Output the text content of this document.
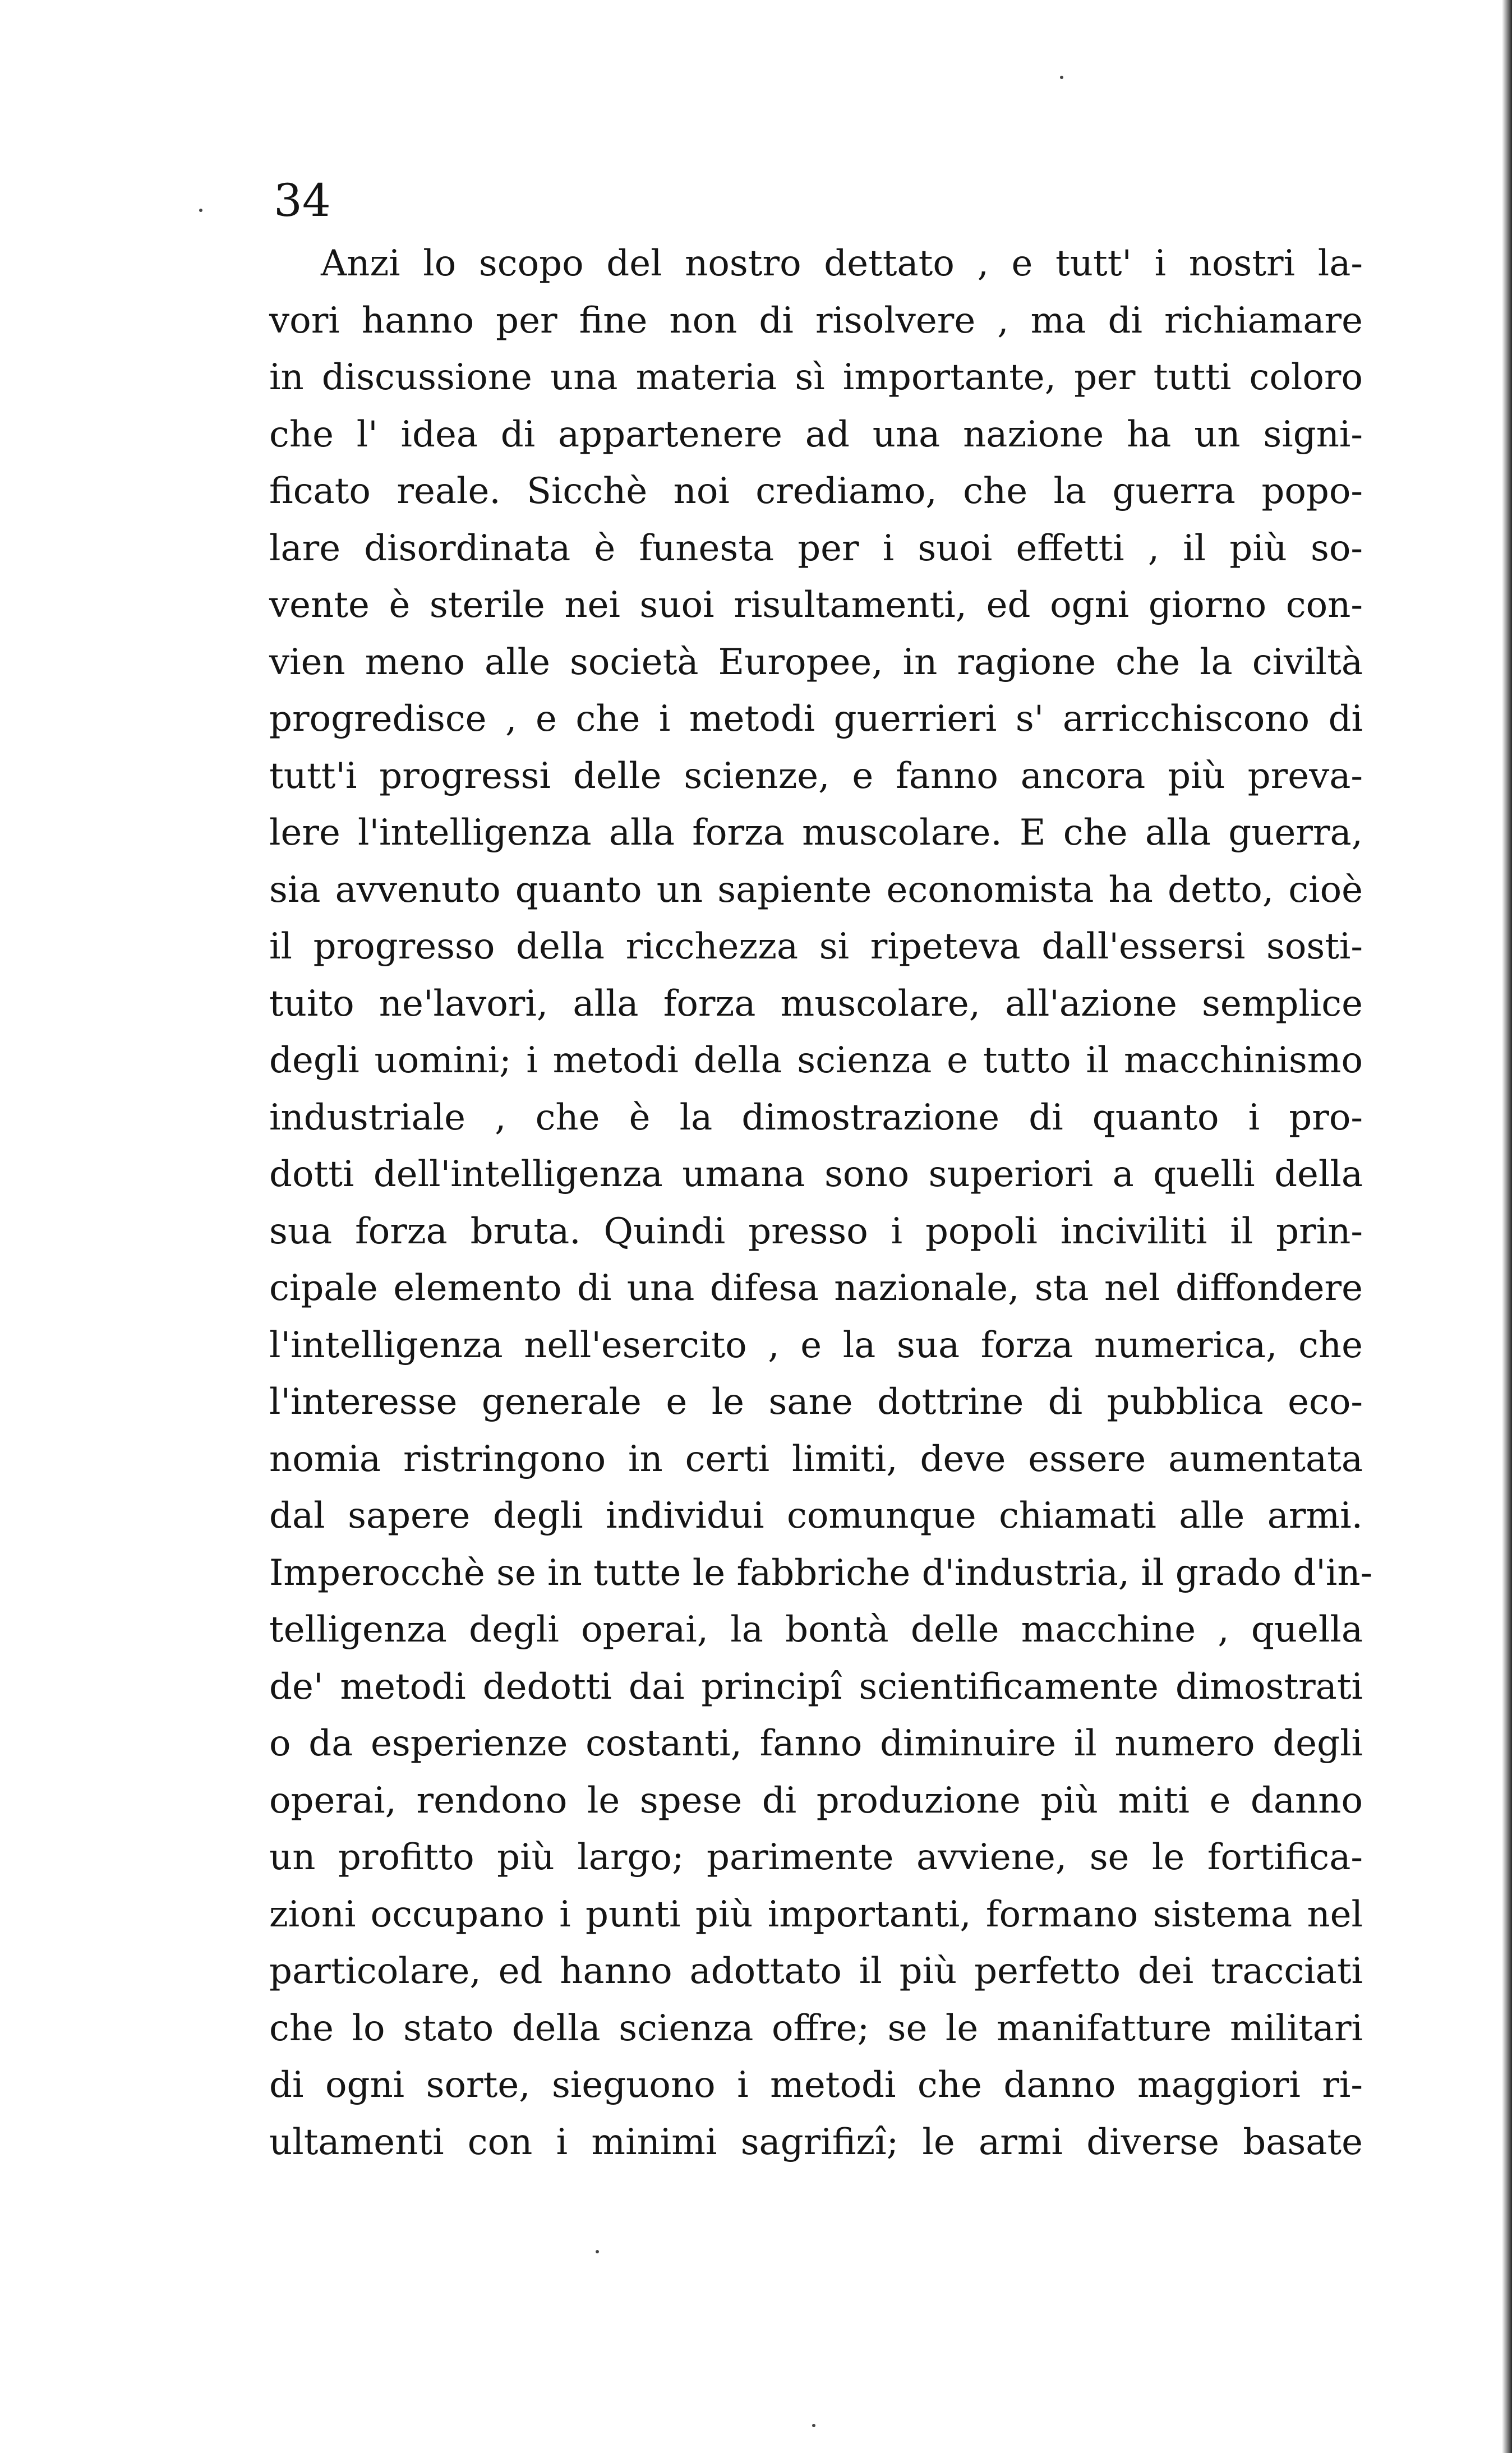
34
Anzi lo scopo del nostro dettato , e tutt' i nostri la-
vori hanno per fine non di risolvere , ma di richiamare
in discussione una materia sì importante, per tutti coloro
che l' idea di appartenere ad una nazione ha un signi-
ficato reale. Sicchè noi crediamo, che la guerra popo-
lare disordinata è funesta per i suoi effetti , il più so-
vente è sterile nei suoi risultamenti, ed ogni giorno con-
vien meno alle società Europee, in ragione che la civiltà
progredisce , e che i metodi guerrieri s' arricchiscono di
tutt'i progressi delle scienze, e fanno ancora più preva-
lere l'intelligenza alla forza muscolare. E che alla guerra,
sia avvenuto quanto un sapiente economista ha detto, cioè
il progresso della ricchezza si ripeteva dall'essersi sosti-
tuito ne'lavori, alla forza muscolare, all'azione semplice
degli uomini; i metodi della scienza e tutto il macchinismo
industriale , che è la dimostrazione di quanto i pro-
dotti dell'intelligenza umana sono superiori a quelli della
sua forza bruta. Quindi presso i popoli inciviliti il prin-
cipale elemento di una difesa nazionale, sta nel diffondere
l'intelligenza nell'esercito , e la sua forza numerica, che
l'interesse generale e le sane dottrine di pubblica eco-
nomia ristringono in certi limiti, deve essere aumentata
dal sapere degli individui comunque chiamati alle armi.
Imperocchè se in tutte le fabbriche d'industria, il grado d'in-
telligenza degli operai, la bontà delle macchine , quella
de' metodi dedotti dai principî scientificamente dimostrati
o da esperienze costanti, fanno diminuire il numero degli
operai, rendono le spese di produzione più miti e danno
un profitto più largo; parimente avviene, se le fortifica-
zioni occupano i punti più importanti, formano sistema nel
particolare, ed hanno adottato il più perfetto dei tracciati
che lo stato della scienza offre; se le manifatture militari
di ogni sorte, sieguono i metodi che danno maggiori ri-
ultamenti con i minimi sagrifizî; le armi diverse basate
